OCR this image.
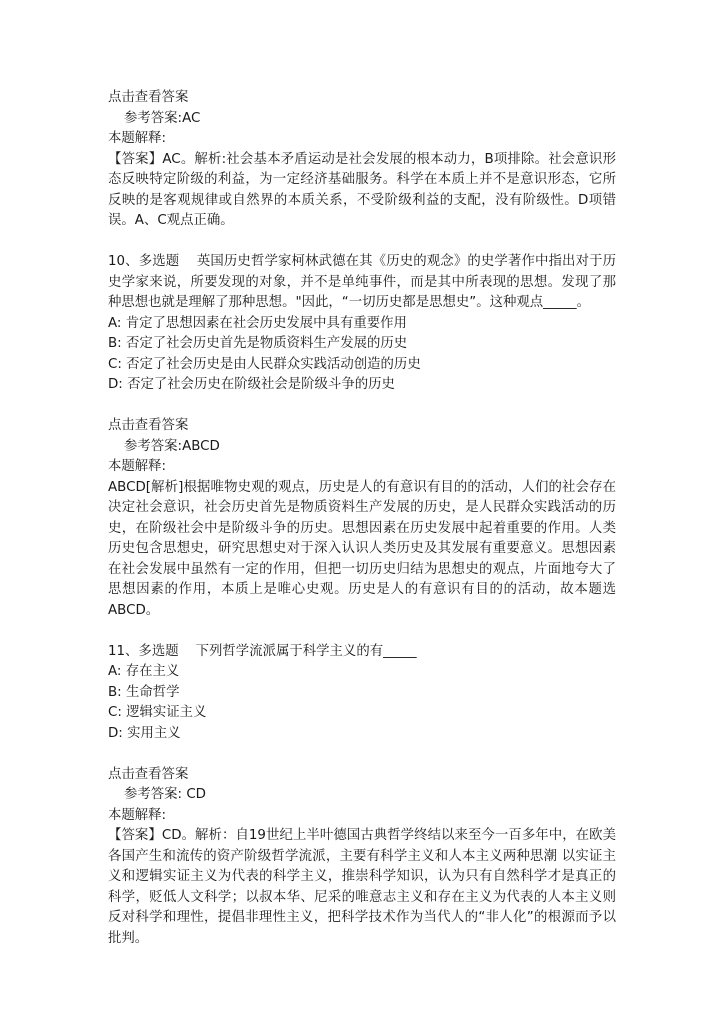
点击查看答案
参考答案:AC
本题解释:
【答案】AC。解析:社会基本矛盾运动是社会发展的根本动力，B项排除。社会意识形态反映特定阶级的利益，为一定经济基础服务。科学在本质上并不是意识形态，它所反映的是客观规律或自然界的本质关系，不受阶级利益的支配，没有阶级性。D项错误。A、C观点正确。
10、多选题 英国历史哲学家柯林武德在其《历史的观念》的史学著作中指出对于历史学家来说，所要发现的对象，并不是单纯事件，而是其中所表现的思想。发现了那种思想也就是理解了那种思想。"因此，“一切历史都是思想史”。这种观点_____。
A: 肯定了思想因素在社会历史发展中具有重要作用
B: 否定了社会历史首先是物质资料生产发展的历史
C: 否定了社会历史是由人民群众实践活动创造的历史
D: 否定了社会历史在阶级社会是阶级斗争的历史
点击查看答案
参考答案:ABCD
本题解释:
ABCD[解析]根据唯物史观的观点，历史是人的有意识有目的的活动，人们的社会存在决定社会意识，社会历史首先是物质资料生产发展的历史，是人民群众实践活动的历史，在阶级社会中是阶级斗争的历史。思想因素在历史发展中起着重要的作用。人类历史包含思想史，研究思想史对于深入认识人类历史及其发展有重要意义。思想因素在社会发展中虽然有一定的作用，但把一切历史归结为思想史的观点，片面地夸大了思想因素的作用，本质上是唯心史观。历史是人的有意识有目的的活动，故本题选ABCD。
11、多选题 下列哲学流派属于科学主义的有_____
A: 存在主义
B: 生命哲学
C: 逻辑实证主义
D: 实用主义
点击查看答案
参考答案: CD
本题解释:
【答案】CD。解析：自19世纪上半叶德国古典哲学终结以来至今一百多年中，在欧美各国产生和流传的资产阶级哲学流派，主要有科学主义和人本主义两种思潮 以实证主义和逻辑实证主义为代表的科学主义，推崇科学知识，认为只有自然科学才是真正的科学，贬低人文科学；以叔本华、尼采的唯意志主义和存在主义为代表的人本主义则反对科学和理性，提倡非理性主义，把科学技术作为当代人的“非人化”的根源而予以批判。
